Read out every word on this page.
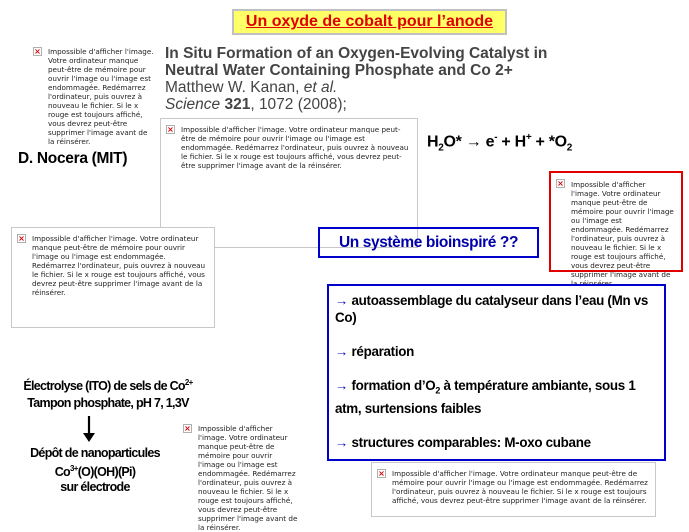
Un oxyde de cobalt pour l’anode
× Impossible d'afficher l'image. Votre ordinateur manque peut-être de mémoire pour ouvrir l'image ou l'image est endommagée. Redémarrez l'ordinateur, puis ouvrez à nouveau le fichier. Si le x rouge est toujours affiché, vous devrez peut-être supprimer l'image avant de la réinsérer.
In Situ Formation of an Oxygen-Evolving Catalyst in
Neutral Water Containing Phosphate and Co 2+
Matthew W. Kanan, et al.
Science 321, 1072 (2008);
× Impossible d'afficher l'image. Votre ordinateur manque peut-être de mémoire pour ouvrir l'image ou l'image est endommagée. Redémarrez l'ordinateur, puis ouvrez à nouveau le fichier. Si le x rouge est toujours affiché, vous devrez peut-être supprimer l'image avant de la réinsérer.
D. Nocera (MIT)
$H_2O* \to e^- + H^+ + *O_2$
× Impossible d'afficher l'image. Votre ordinateur manque peut-être de mémoire pour ouvrir l'image ou l'image est endommagée. Redémarrez l'ordinateur, puis ouvrez à nouveau le fichier. Si le x rouge est toujours affiché, vous devrez peut-être supprimer l'image avant de la réinsérer.
× Impossible d'afficher l'image. Votre ordinateur manque peut-être de mémoire pour ouvrir l'image ou l'image est endommagée. Redémarrez l'ordinateur, puis ouvrez à nouveau le fichier. Si le x rouge est toujours affiché, vous devrez peut-être supprimer l'image avant de la réinsérer.
Un système bioinspiré ??
→ autoassemblage du catalyseur dans l’eau (Mn vs Co)
→ réparation
→ formation $d’O_2$ à température ambiante, sous 1 atm, surtensions faibles
→ structures comparables: M-oxo cubane
Électrolyse (ITO) de sels de $Co^{2+}$
Tampon phosphate, pH 7, 1,3V
Dépôt de nanoparticules
$Co^{3+}(O)(OH)(Pi)$
sur électrode
× Impossible d'afficher l'image. Votre ordinateur manque peut-être de mémoire pour ouvrir l'image ou l'image est endommagée. Redémarrez l'ordinateur, puis ouvrez à nouveau le fichier. Si le x rouge est toujours affiché, vous devrez peut-être supprimer l'image avant de la réinsérer.
× Impossible d'afficher l'image. Votre ordinateur manque peut-être de mémoire pour ouvrir l'image ou l'image est endommagée. Redémarrez l'ordinateur, puis ouvrez à nouveau le fichier. Si le x rouge est toujours affiché, vous devrez peut-être supprimer l'image avant de la réinsérer.
